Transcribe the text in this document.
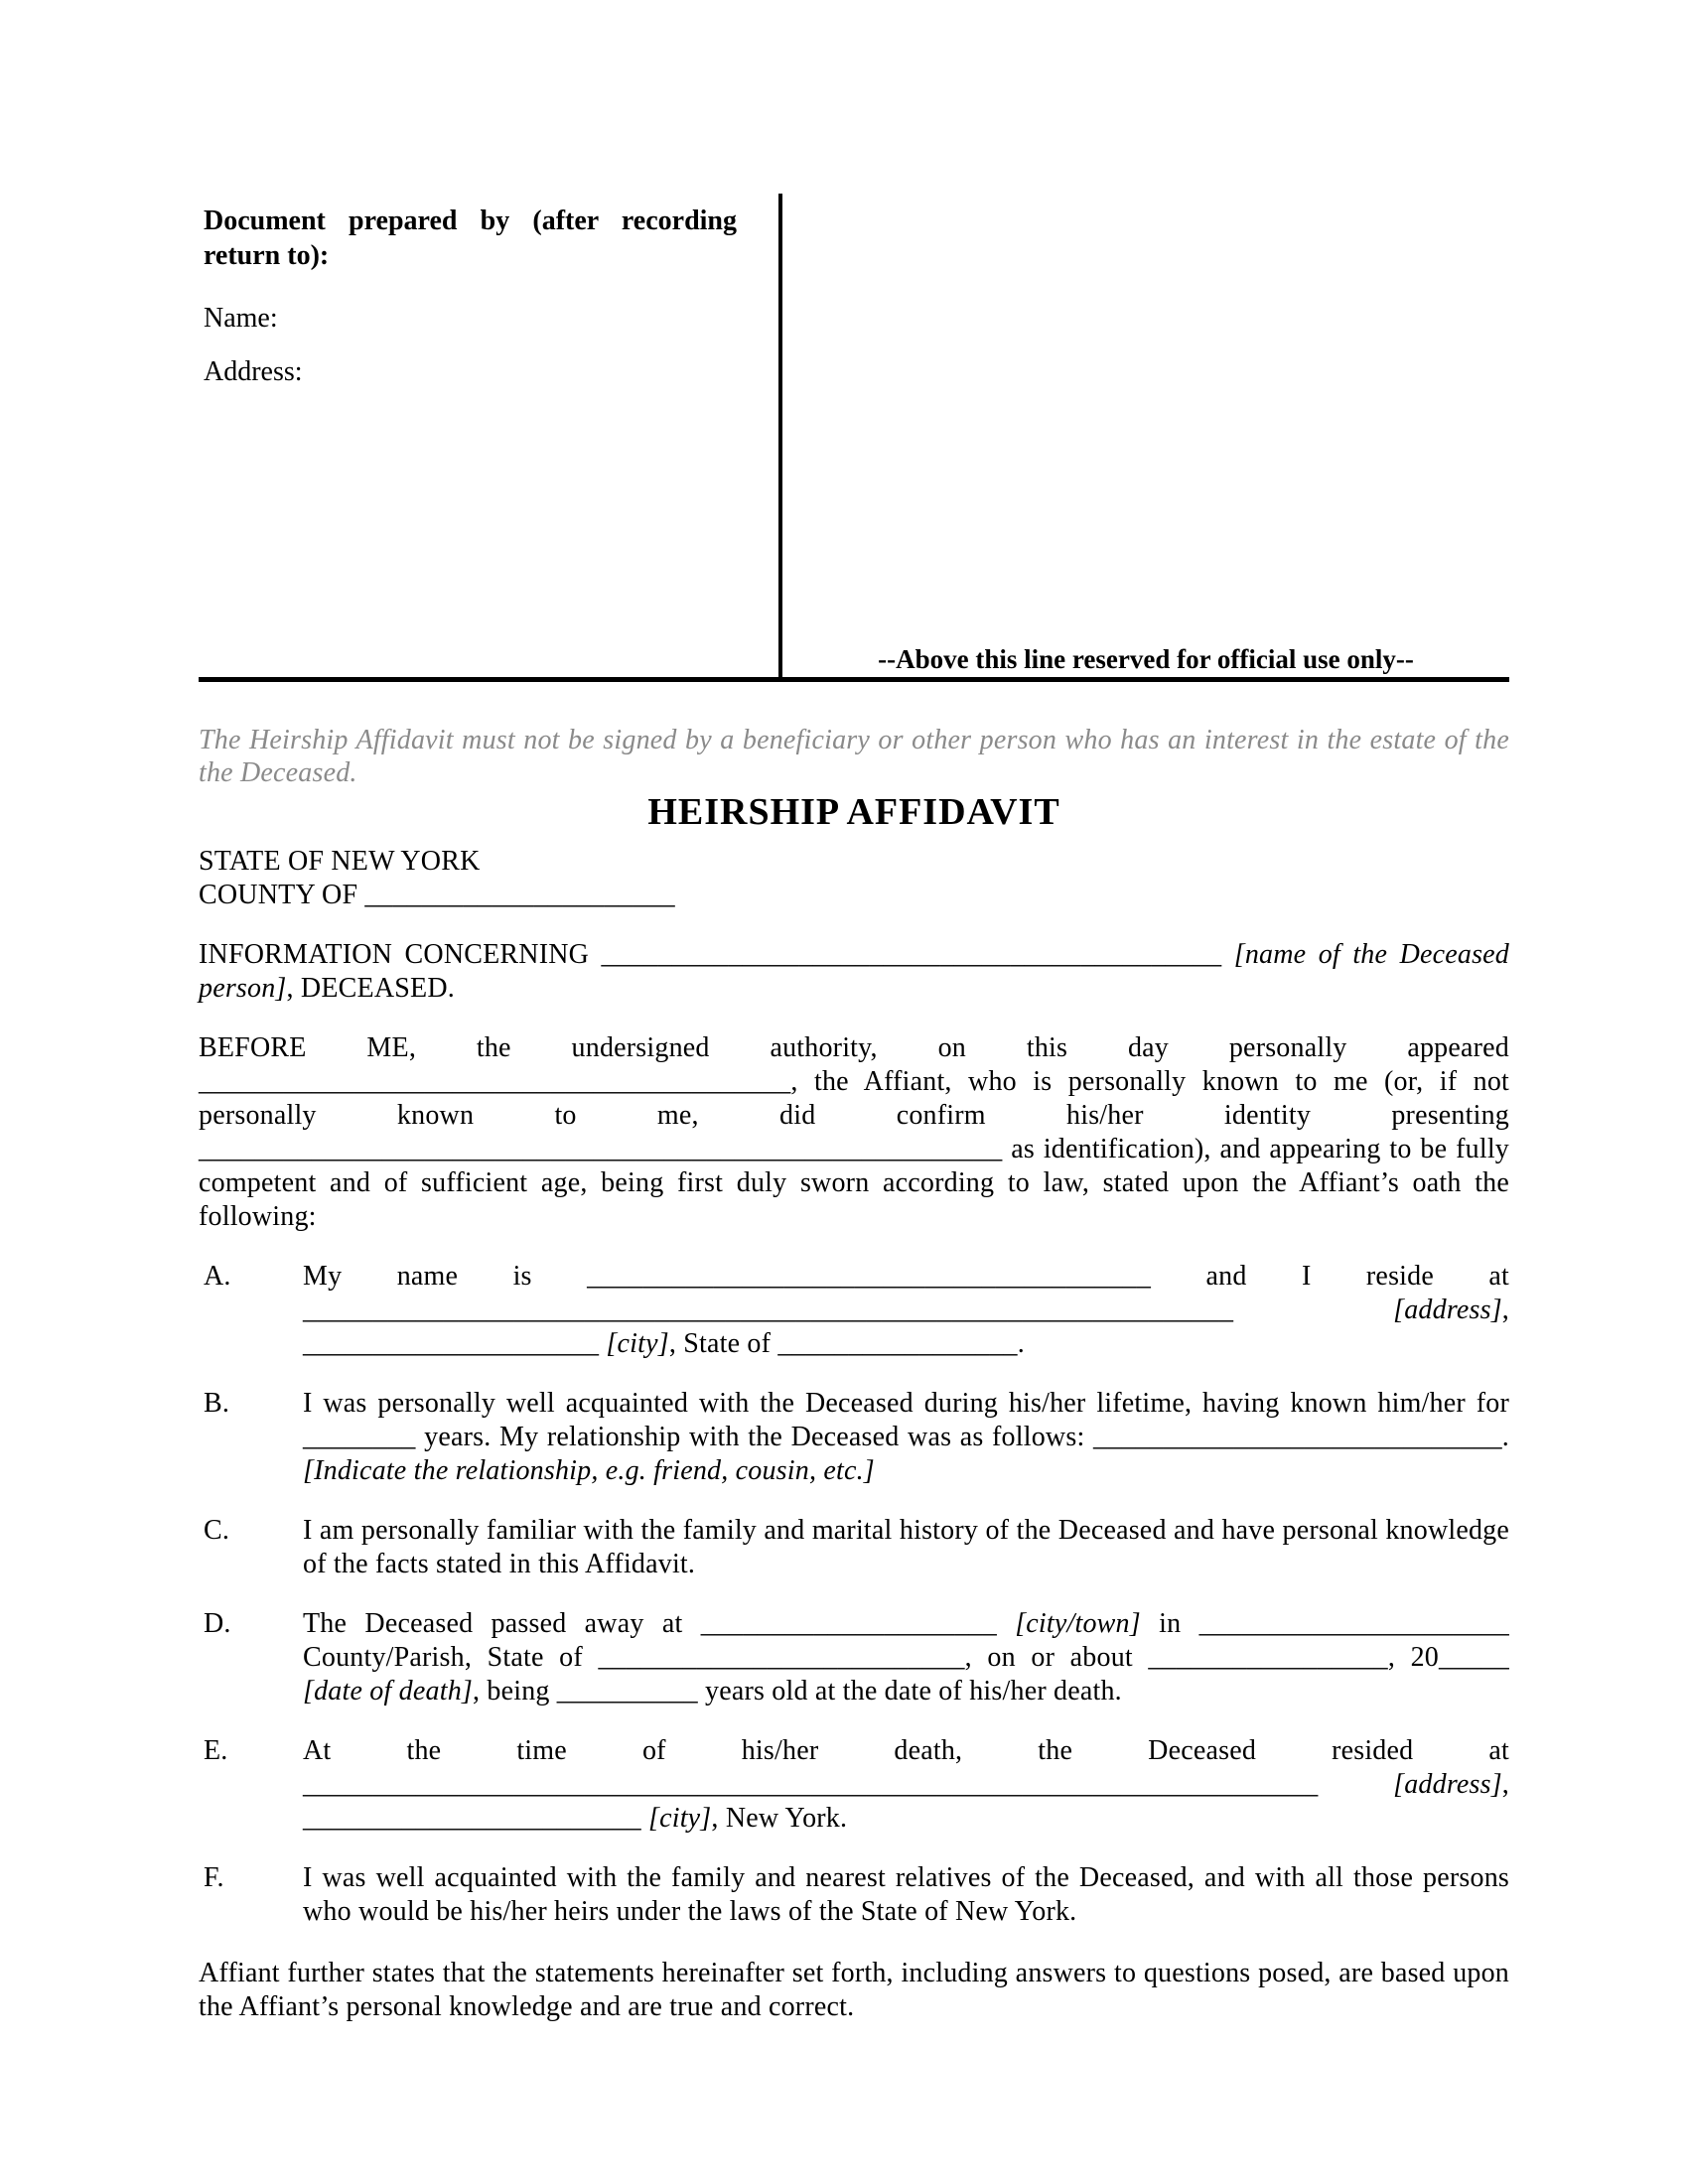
Document prepared by (after recording return to):
Name:
Address:
--Above this line reserved for official use only--
The Heirship Affidavit must not be signed by a beneficiary or other person who has an interest in the estate of the the Deceased.
HEIRSHIP AFFIDAVIT
STATE OF NEW YORK
COUNTY OF ______________________
INFORMATION CONCERNING ____________________________________________ [name of the Deceased person], DECEASED.
BEFORE ME, the undersigned authority, on this day personally appeared __________________________________________, the Affiant, who is personally known to me (or, if not personally known to me, did confirm his/her identity presenting _________________________________________________________ as identification), and appearing to be fully competent and of sufficient age, being first duly sworn according to law, stated upon the Affiant’s oath the following:
A.	My name is ________________________________________ and I reside at __________________________________________________________________ [address], _____________________ [city], State of _________________.
B.	I was personally well acquainted with the Deceased during his/her lifetime, having known him/her for ________ years. My relationship with the Deceased was as follows: _____________________________. [Indicate the relationship, e.g. friend, cousin, etc.]
C.	I am personally familiar with the family and marital history of the Deceased and have personal knowledge of the facts stated in this Affidavit.
D.	The Deceased passed away at _____________________ [city/town] in ______________________ County/Parish, State of __________________________, on or about _________________, 20_____ [date of death], being __________ years old at the date of his/her death.
E.	At the time of his/her death, the Deceased resided at ________________________________________________________________________ [address], ________________________ [city], New York.
F.	I was well acquainted with the family and nearest relatives of the Deceased, and with all those persons who would be his/her heirs under the laws of the State of New York.
Affiant further states that the statements hereinafter set forth, including answers to questions posed, are based upon the Affiant’s personal knowledge and are true and correct.
